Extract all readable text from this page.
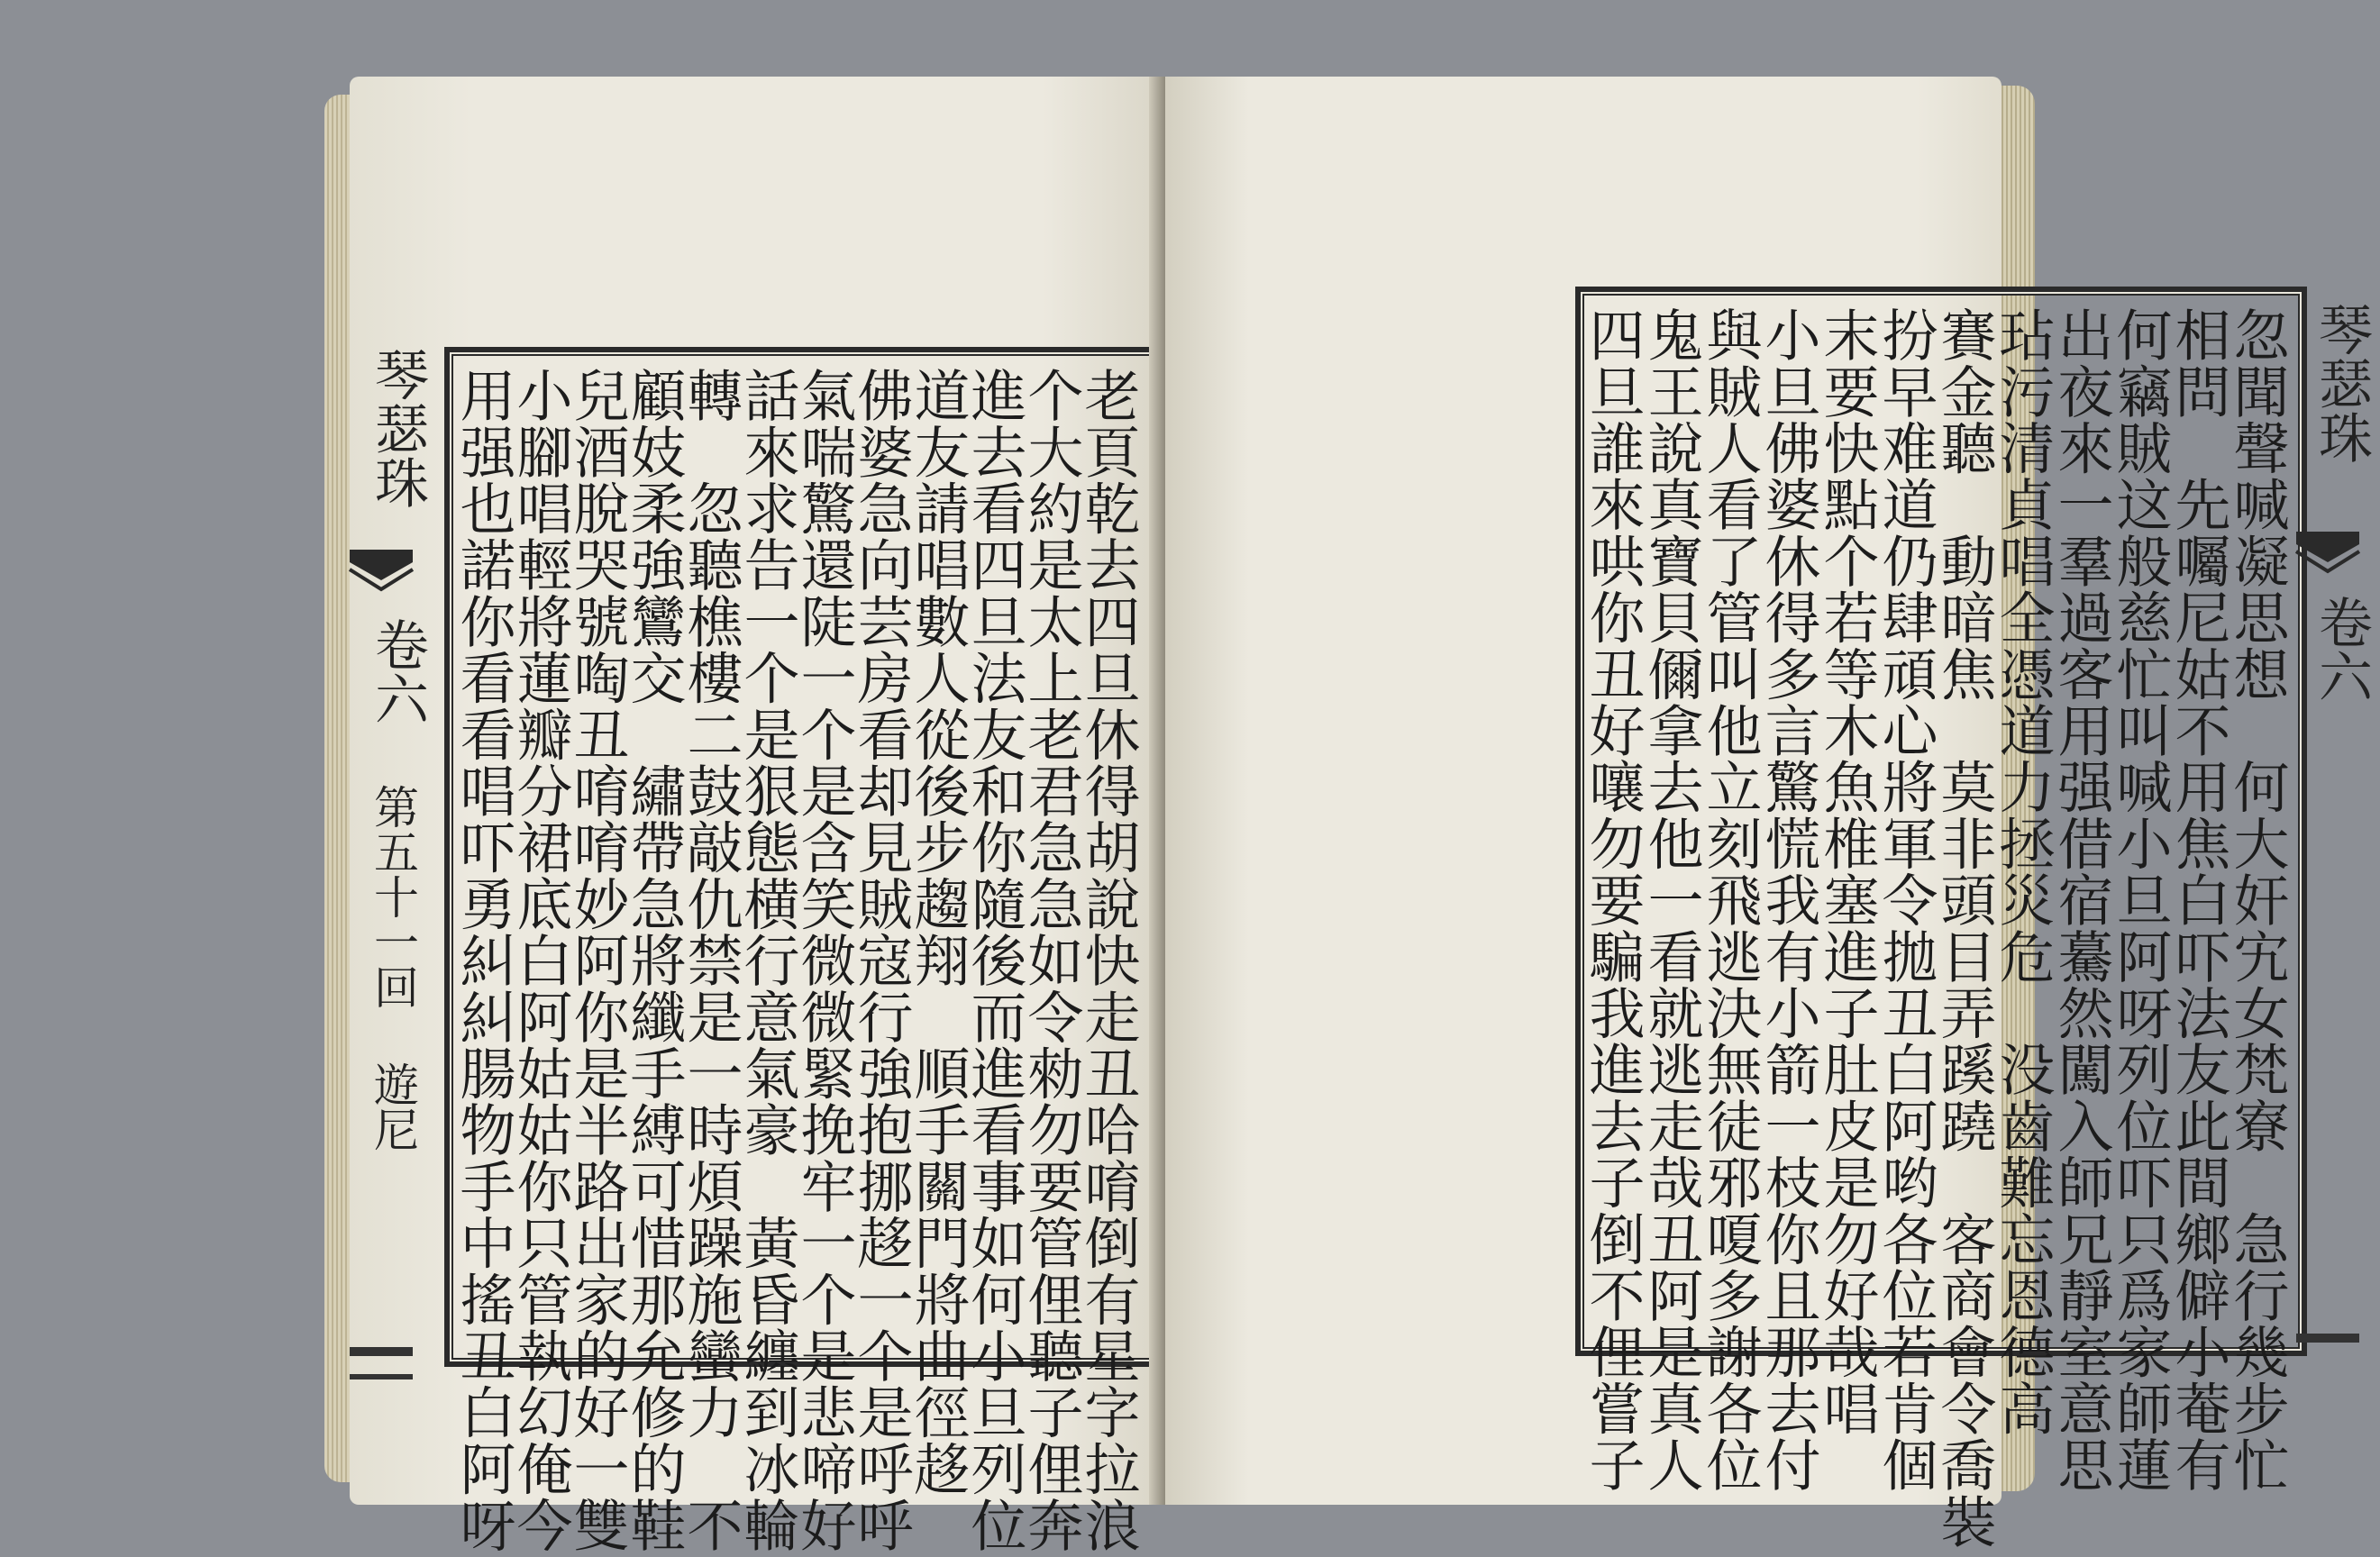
琴瑟珠
卷六
第五十一回 遊尼	老頁乾去四旦休得胡說快走丑哈唷倒有星字拉浪
个大約是太上老君急急如令勑勿要管俚聽子俚奔
進去看四旦法友和你隨後而進看事如何小旦列位
道友請唱數人從後步趨翔　順手關門將曲徑趍
佛婆急向芸房看却見賊寇行強抱挪趍一个是呼呼
氣喘驚還陡一个是含笑微微緊挽牢一个是悲啼好
話來求告一个是狠態横行意氣豪　黃昏纏到冰輪
轉　忽聽樵樓二鼓敲仇禁是一時煩躁施蠻力　不
顧妓柔強鸞交　繡帶急將纖手縛可惜那允修的鞋
兒酒脫哭號啕丑唷唷妙阿你是半路出家的好一雙
小腳唱輕將蓮瓣分裙底白阿姑姑你只管執幻俺今
用强也諾你看看唱吓勇糾糾腸物手中搖丑白阿呀	忽聞聲喊凝思想　何大奸宄女梵寮　急行幾步忙
相問　先囑尼姑不用焦白吓法友此間鄉僻小菴有
何竊賊这般慈忙叫喊小旦阿呀列位吓只爲家師蓮
出夜來一羣過客用强借宿驀然闖入師兄靜室意思
玷污清貞唱全憑道力拯災危　没齒難忘恩德高
賽金聽　動暗焦　莫非頭目弄蹊蹺　客商會令喬裝
扮早难道仍肆頑心將軍令拋丑白阿哟各位若肯個
末要快點个若等木魚椎塞進子肚皮是勿好哉唱
小旦佛婆休得多言驚慌我有小箭一枝你且那去付
與賊人看了管叫他立刻飛逃決無徒邪嗄多謝各位
鬼王說真寶貝儞拿去他一看就逃走哉丑阿是真人
四旦誰來哄你丑好嚷勿要騙我進去子倒不俚嘗子	琴瑟珠
卷六
